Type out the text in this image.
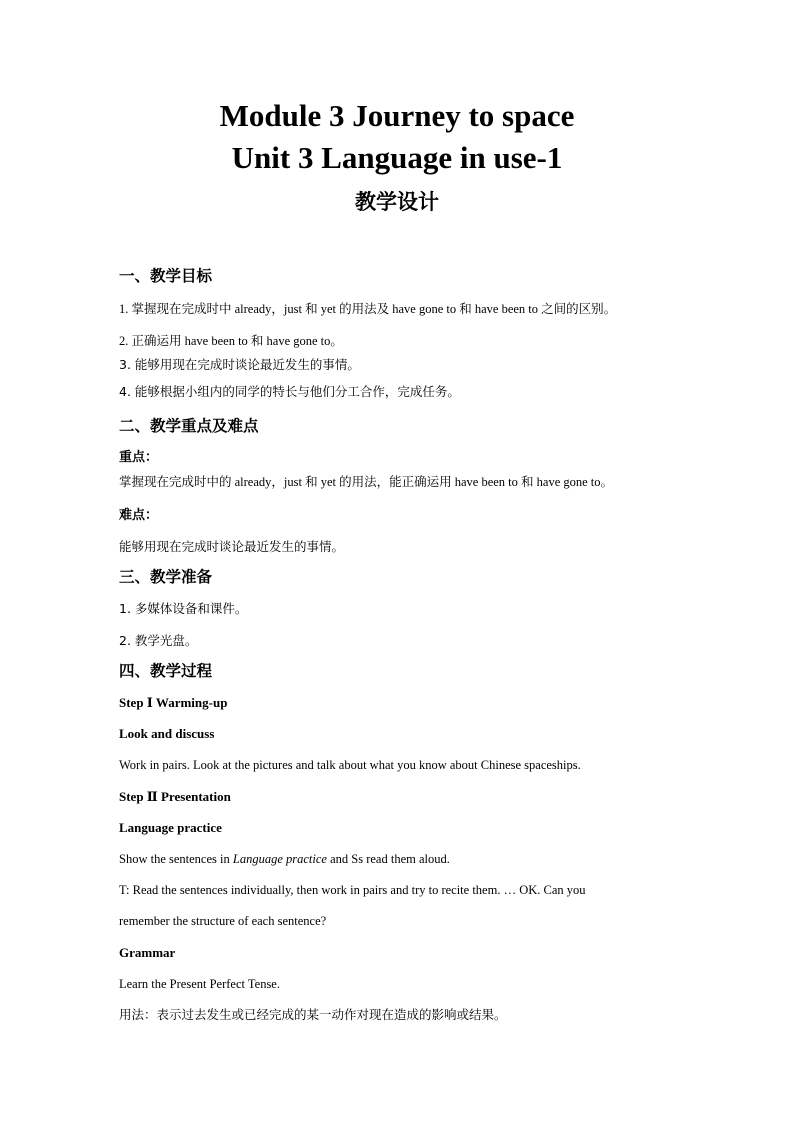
Module 3 Journey to space
Unit 3 Language in use-1
教学设计
一、教学目标
1. 掌握现在完成时中 already，just 和 yet 的用法及 have gone to 和 have been to 之间的区别。
2. 正确运用 have been to 和 have gone to。
3. 能够用现在完成时谈论最近发生的事情。
4. 能够根据小组内的同学的特长与他们分工合作，完成任务。
二、教学重点及难点
重点：
掌握现在完成时中的 already，just 和 yet 的用法，能正确运用 have been to 和 have gone to。
难点：
能够用现在完成时谈论最近发生的事情。
三、教学准备
1. 多媒体设备和课件。
2. 教学光盘。
四、教学过程
Step Ⅰ Warming-up
Look and discuss
Work in pairs. Look at the pictures and talk about what you know about Chinese spaceships.
Step Ⅱ Presentation
Language practice
Show the sentences in Language practice and Ss read them aloud.
T: Read the sentences individually, then work in pairs and try to recite them. … OK. Can you
remember the structure of each sentence?
Grammar
Learn the Present Perfect Tense.
用法：表示过去发生或已经完成的某一动作对现在造成的影响或结果。
